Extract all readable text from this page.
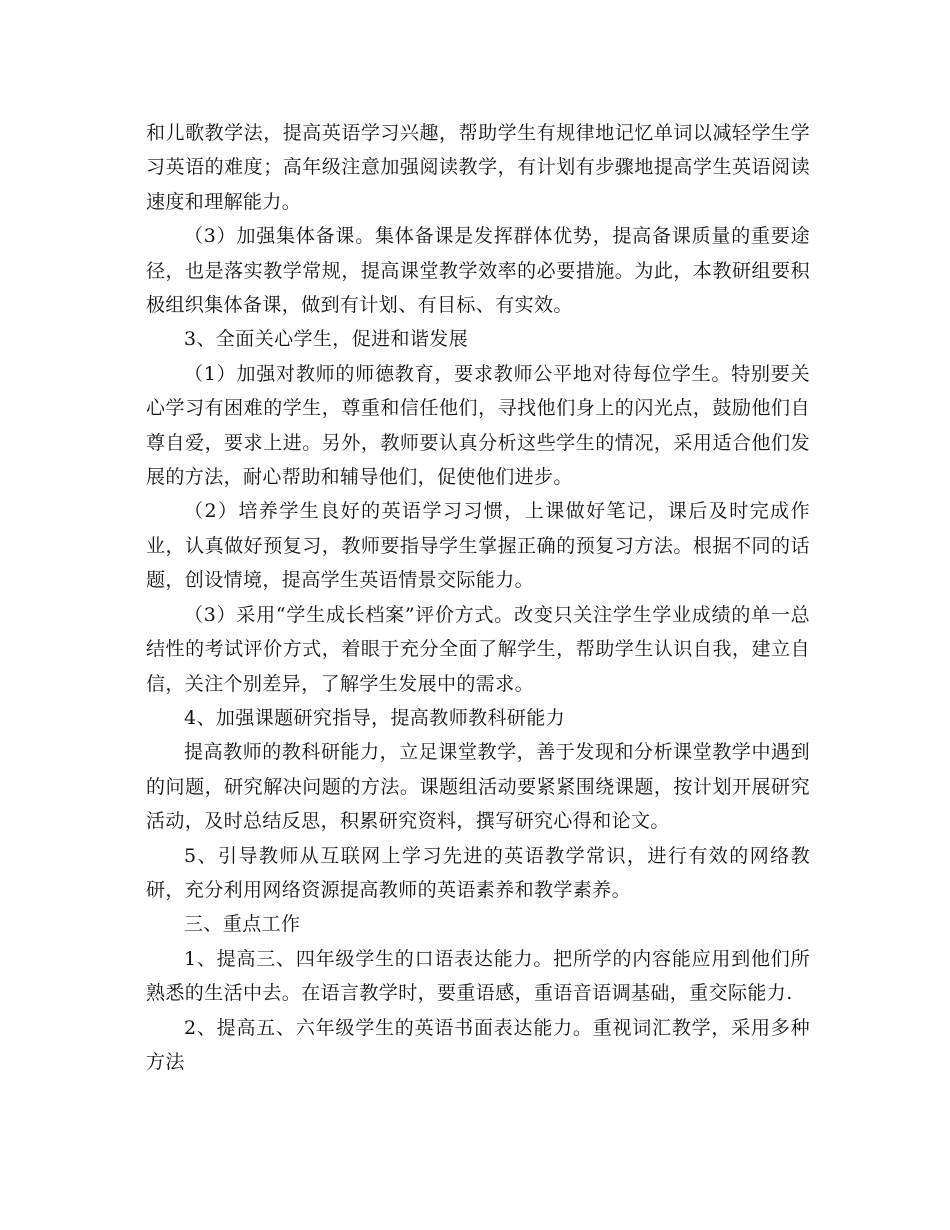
和儿歌教学法，提高英语学习兴趣，帮助学生有规律地记忆单词以减轻学生学习英语的难度；高年级注意加强阅读教学，有计划有步骤地提高学生英语阅读速度和理解能力。

（3）加强集体备课。集体备课是发挥群体优势，提高备课质量的重要途径，也是落实教学常规，提高课堂教学效率的必要措施。为此，本教研组要积极组织集体备课，做到有计划、有目标、有实效。

3、全面关心学生，促进和谐发展

（1）加强对教师的师德教育，要求教师公平地对待每位学生。特别要关心学习有困难的学生，尊重和信任他们，寻找他们身上的闪光点，鼓励他们自尊自爱，要求上进。另外，教师要认真分析这些学生的情况，采用适合他们发展的方法，耐心帮助和辅导他们，促使他们进步。

（2）培养学生良好的英语学习习惯，上课做好笔记，课后及时完成作业，认真做好预复习，教师要指导学生掌握正确的预复习方法。根据不同的话题，创设情境，提高学生英语情景交际能力。

（3）采用“学生成长档案”评价方式。改变只关注学生学业成绩的单一总结性的考试评价方式，着眼于充分全面了解学生，帮助学生认识自我，建立自信，关注个别差异，了解学生发展中的需求。

4、加强课题研究指导，提高教师教科研能力

提高教师的教科研能力，立足课堂教学，善于发现和分析课堂教学中遇到的问题，研究解决问题的方法。课题组活动要紧紧围绕课题，按计划开展研究活动，及时总结反思，积累研究资料，撰写研究心得和论文。

5、引导教师从互联网上学习先进的英语教学常识，进行有效的网络教研，充分利用网络资源提高教师的英语素养和教学素养。

三、重点工作

1、提高三、四年级学生的口语表达能力。把所学的内容能应用到他们所熟悉的生活中去。在语言教学时，要重语感，重语音语调基础，重交际能力.

2、提高五、六年级学生的英语书面表达能力。重视词汇教学，采用多种方法
